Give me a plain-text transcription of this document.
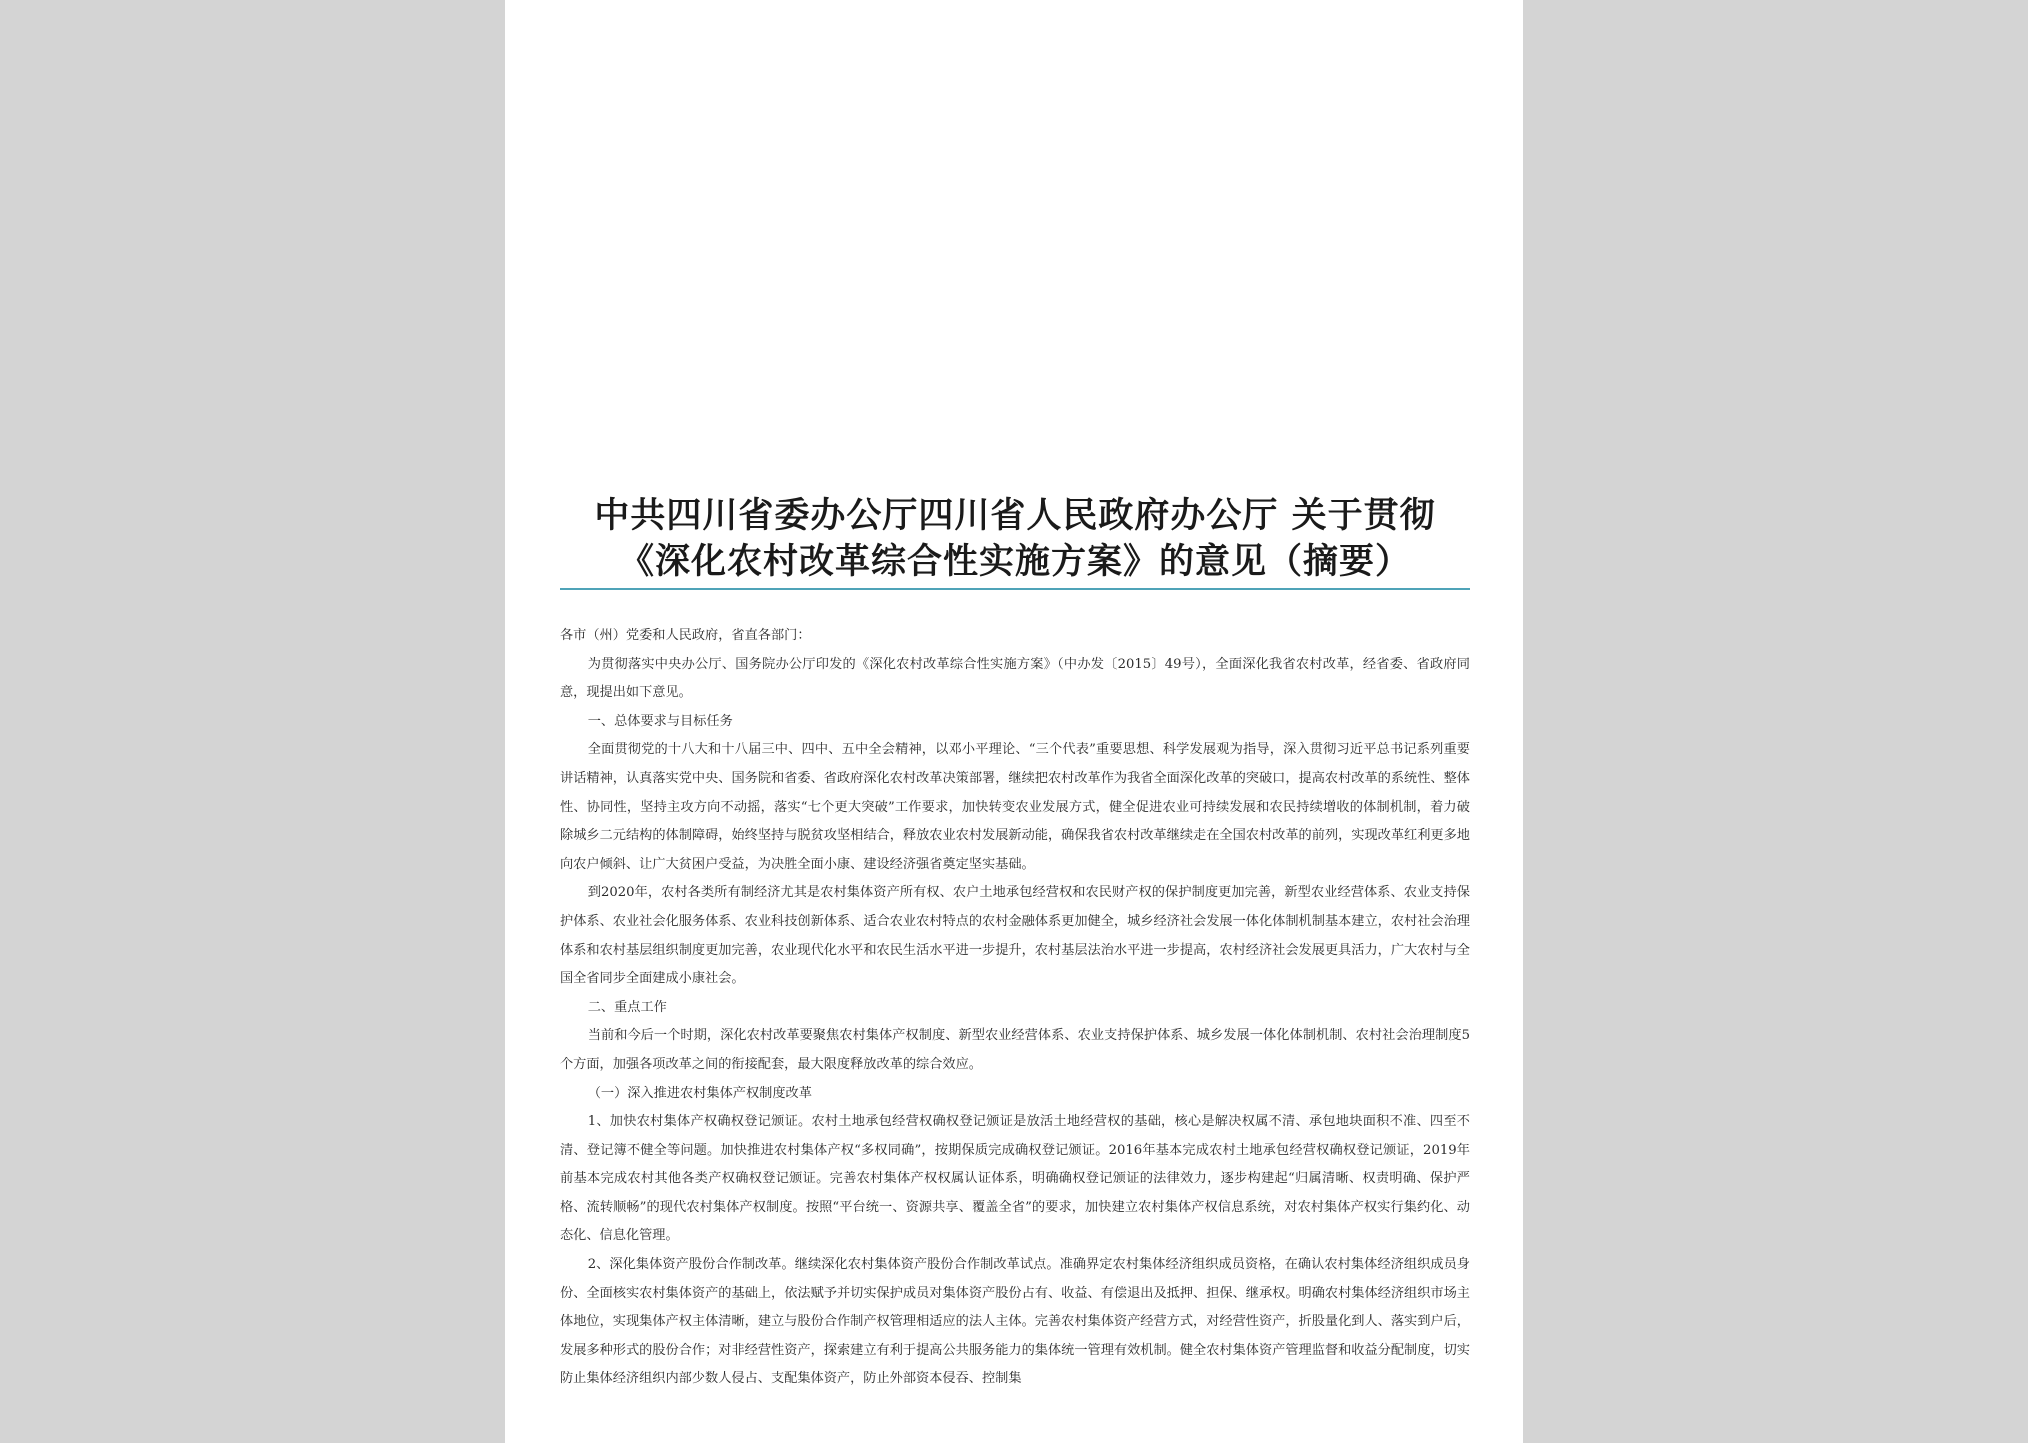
中共四川省委办公厅四川省人民政府办公厅 关于贯彻
《深化农村改革综合性实施方案》的意见（摘要）

各市（州）党委和人民政府，省直各部门：

为贯彻落实中央办公厅、国务院办公厅印发的《深化农村改革综合性实施方案》（中办发〔2015〕49号），全面深化我省农村改革，经省委、省政府同意，现提出如下意见。

一、总体要求与目标任务

全面贯彻党的十八大和十八届三中、四中、五中全会精神，以邓小平理论、“三个代表”重要思想、科学发展观为指导，深入贯彻习近平总书记系列重要讲话精神，认真落实党中央、国务院和省委、省政府深化农村改革决策部署，继续把农村改革作为我省全面深化改革的突破口，提高农村改革的系统性、整体性、协同性，坚持主攻方向不动摇，落实“七个更大突破”工作要求，加快转变农业发展方式，健全促进农业可持续发展和农民持续增收的体制机制，着力破除城乡二元结构的体制障碍，始终坚持与脱贫攻坚相结合，释放农业农村发展新动能，确保我省农村改革继续走在全国农村改革的前列，实现改革红利更多地向农户倾斜、让广大贫困户受益，为决胜全面小康、建设经济强省奠定坚实基础。

到2020年，农村各类所有制经济尤其是农村集体资产所有权、农户土地承包经营权和农民财产权的保护制度更加完善，新型农业经营体系、农业支持保护体系、农业社会化服务体系、农业科技创新体系、适合农业农村特点的农村金融体系更加健全，城乡经济社会发展一体化体制机制基本建立，农村社会治理体系和农村基层组织制度更加完善，农业现代化水平和农民生活水平进一步提升，农村基层法治水平进一步提高，农村经济社会发展更具活力，广大农村与全国全省同步全面建成小康社会。

二、重点工作

当前和今后一个时期，深化农村改革要聚焦农村集体产权制度、新型农业经营体系、农业支持保护体系、城乡发展一体化体制机制、农村社会治理制度5个方面，加强各项改革之间的衔接配套，最大限度释放改革的综合效应。

（一）深入推进农村集体产权制度改革

1、加快农村集体产权确权登记颁证。农村土地承包经营权确权登记颁证是放活土地经营权的基础，核心是解决权属不清、承包地块面积不准、四至不清、登记簿不健全等问题。加快推进农村集体产权“多权同确”，按期保质完成确权登记颁证。2016年基本完成农村土地承包经营权确权登记颁证，2019年前基本完成农村其他各类产权确权登记颁证。完善农村集体产权权属认证体系，明确确权登记颁证的法律效力，逐步构建起“归属清晰、权责明确、保护严格、流转顺畅”的现代农村集体产权制度。按照“平台统一、资源共享、覆盖全省”的要求，加快建立农村集体产权信息系统，对农村集体产权实行集约化、动态化、信息化管理。

2、深化集体资产股份合作制改革。继续深化农村集体资产股份合作制改革试点。准确界定农村集体经济组织成员资格，在确认农村集体经济组织成员身份、全面核实农村集体资产的基础上，依法赋予并切实保护成员对集体资产股份占有、收益、有偿退出及抵押、担保、继承权。明确农村集体经济组织市场主体地位，实现集体产权主体清晰，建立与股份合作制产权管理相适应的法人主体。完善农村集体资产经营方式，对经营性资产，折股量化到人、落实到户后，发展多种形式的股份合作；对非经营性资产，探索建立有利于提高公共服务能力的集体统一管理有效机制。健全农村集体资产管理监督和收益分配制度，切实防止集体经济组织内部少数人侵占、支配集体资产，防止外部资本侵吞、控制集
